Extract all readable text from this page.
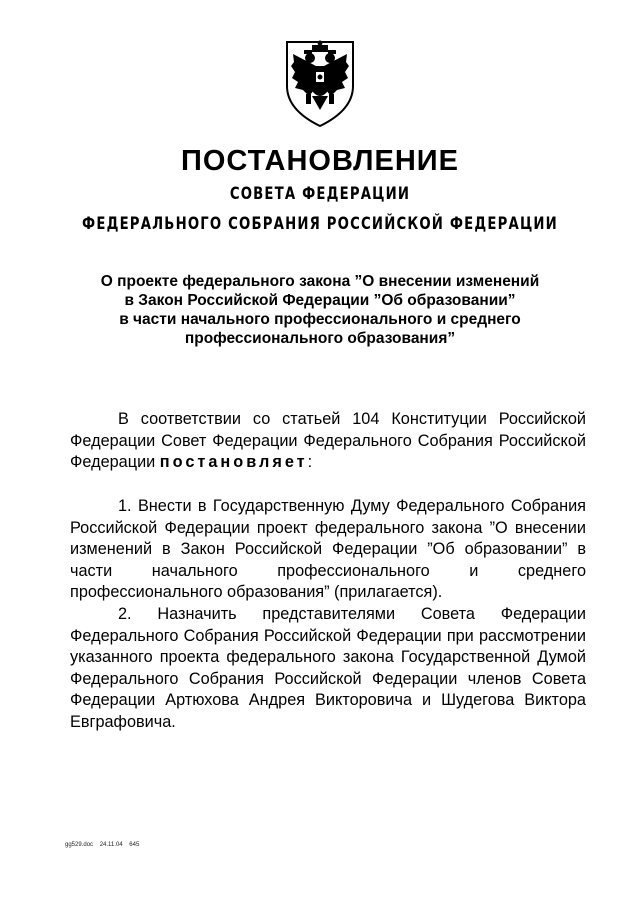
ПОСТАНОВЛЕНИЕ
СОВЕТА ФЕДЕРАЦИИ
ФЕДЕРАЛЬНОГО СОБРАНИЯ РОССИЙСКОЙ ФЕДЕРАЦИИ
О проекте федерального закона ”О внесении изменений
в Закон Российской Федерации ”Об образовании”
в части начального профессионального и среднего
профессионального образования”
В соответствии со статьей 104 Конституции Российской Федерации Совет Федерации Федерального Собрания Российской Федерации постановляет:
1. Внести в Государственную Думу Федерального Собрания Российской Федерации проект федерального закона ”О внесении изменений в Закон Российской Федерации ”Об образовании” в части начального профессионального и среднего профессионального образования” (прилагается).
2. Назначить представителями Совета Федерации Федерального Собрания Российской Федерации при рассмотрении указанного проекта федерального закона Государственной Думой Федерального Собрания Российской Федерации членов Совета Федерации Артюхова Андрея Викторовича и Шудегова Виктора Евграфовича.
gg529.doc 24.11.04 645
